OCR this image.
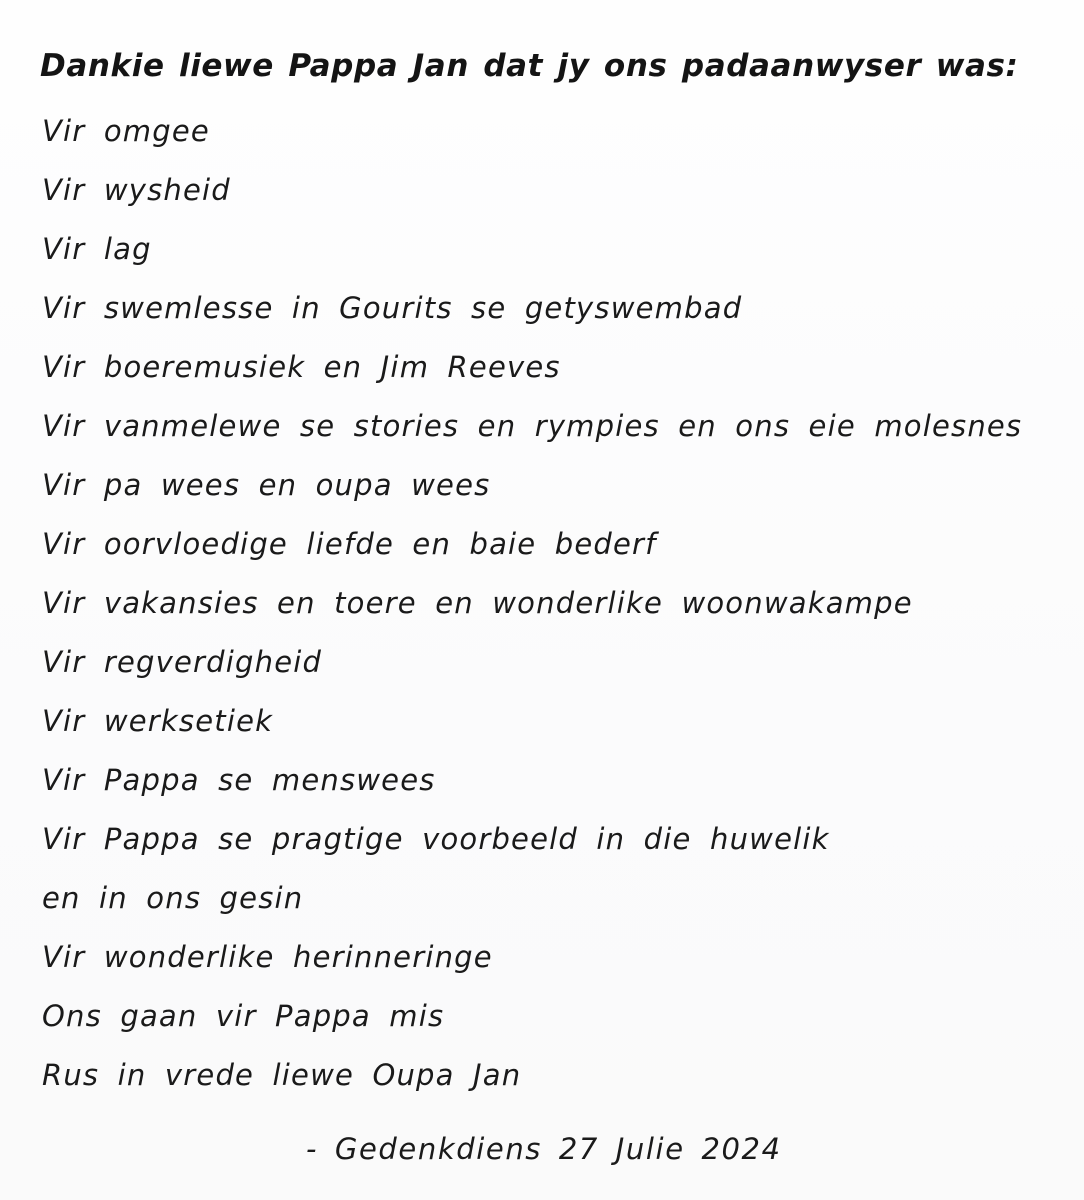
Dankie liewe Pappa Jan dat jy ons padaanwyser was:
Vir omgee
Vir wysheid
Vir lag
Vir swemlesse in Gourits se getyswembad
Vir boeremusiek en Jim Reeves
Vir vanmelewe se stories en rympies en ons eie molesnes
Vir pa wees en oupa wees
Vir oorvloedige liefde en baie bederf
Vir vakansies en toere en wonderlike woonwakampe
Vir regverdigheid
Vir werksetiek
Vir Pappa se menswees
Vir Pappa se pragtige voorbeeld in die huwelik
en in ons gesin
Vir wonderlike herinneringe
Ons gaan vir Pappa mis
Rus in vrede liewe Oupa Jan
- Gedenkdiens 27 Julie 2024
